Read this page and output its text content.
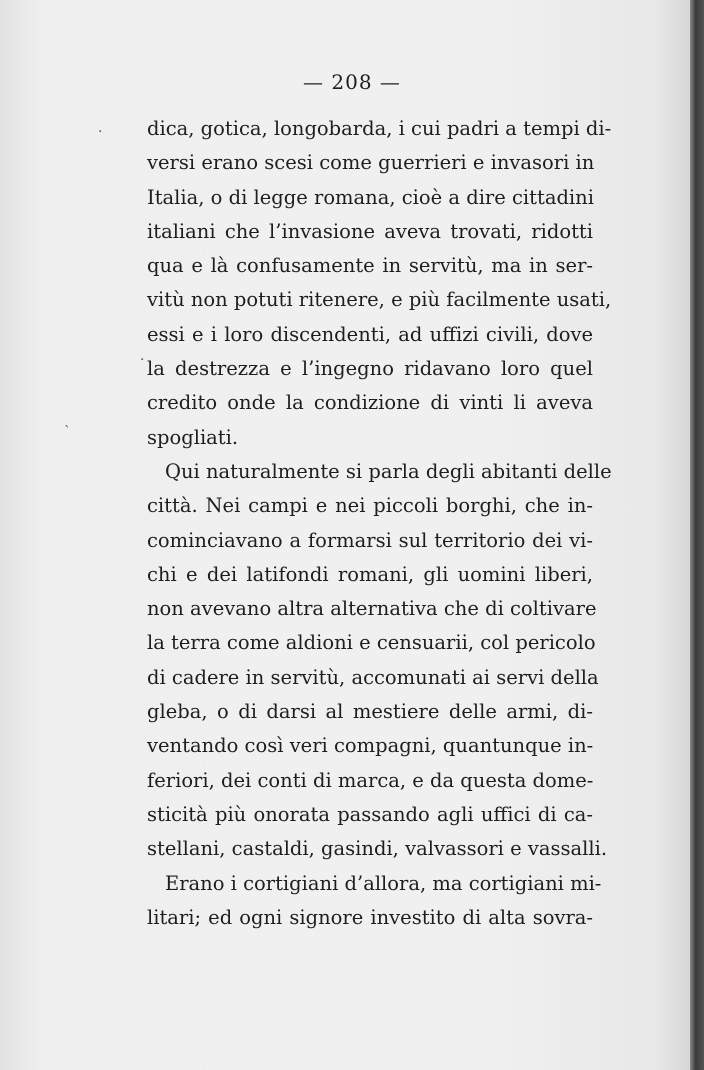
·
·
`
— 208 —
dica, gotica, longobarda, i cui padri a tempi di-
versi erano scesi come guerrieri e invasori in
Italia, o di legge romana, cioè a dire cittadini
italiani che l’invasione aveva trovati, ridotti
qua e là confusamente in servitù, ma in ser-
vitù non potuti ritenere, e più facilmente usati,
essi e i loro discendenti, ad uffizi civili, dove
la destrezza e l’ingegno ridavano loro quel
credito onde la condizione di vinti li aveva
spogliati.
Qui naturalmente si parla degli abitanti delle
città. Nei campi e nei piccoli borghi, che in-
cominciavano a formarsi sul territorio dei vi-
chi e dei latifondi romani, gli uomini liberi,
non avevano altra alternativa che di coltivare
la terra come aldioni e censuarii, col pericolo
di cadere in servitù, accomunati ai servi della
gleba, o di darsi al mestiere delle armi, di-
ventando così veri compagni, quantunque in-
feriori, dei conti di marca, e da questa dome-
sticità più onorata passando agli uffici di ca-
stellani, castaldi, gasindi, valvassori e vassalli.
Erano i cortigiani d’allora, ma cortigiani mi-
litari; ed ogni signore investito di alta sovra-
